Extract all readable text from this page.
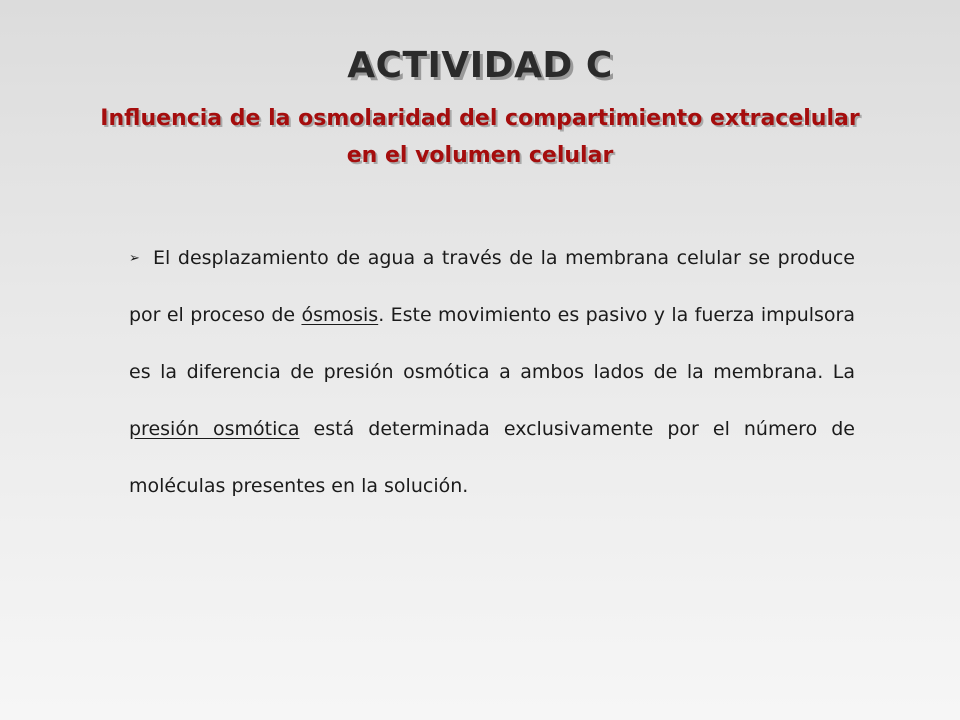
ACTIVIDAD C
Influencia de la osmolaridad del compartimiento extracelular
en el volumen celular
➢ El desplazamiento de agua a través de la membrana celular se produce por el proceso de ósmosis. Este movimiento es pasivo y la fuerza impulsora es la diferencia de presión osmótica a ambos lados de la membrana. La presión osmótica está determinada exclusivamente por el número de moléculas presentes en la solución.
